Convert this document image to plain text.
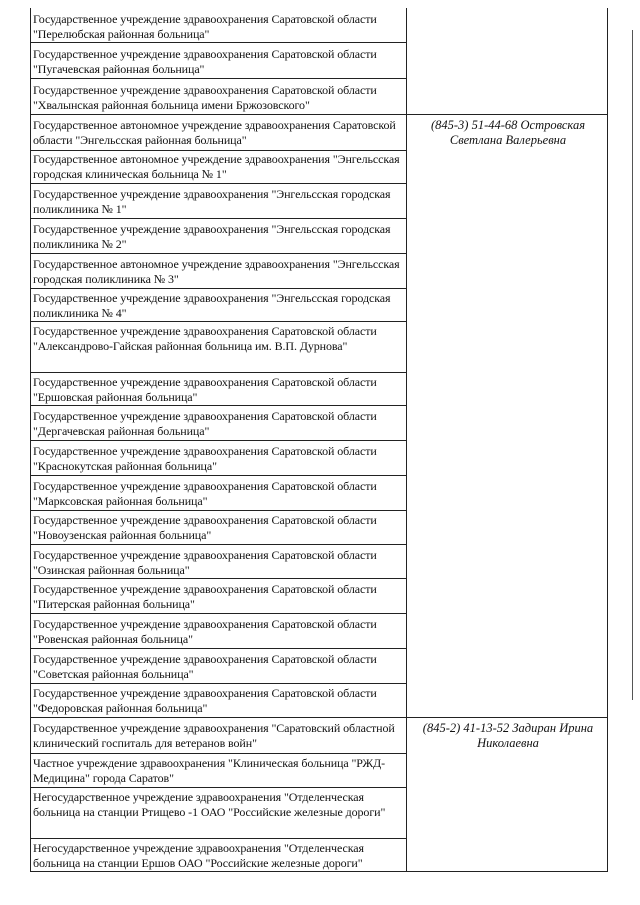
Государственное учреждение здравоохранения Саратовской области "Перелюбская районная больница"
Государственное учреждение здравоохранения Саратовской области "Пугачевская районная больница"
Государственное учреждение здравоохранения Саратовской области "Хвалынская районная больница имени Бржозовского"
Государственное автономное учреждение здравоохранения Саратовской области "Энгельсская районная больница"
Государственное автономное учреждение здравоохранения "Энгельсская городская клиническая больница № 1"
Государственное учреждение здравоохранения "Энгельсская городская поликлиника № 1"
Государственное учреждение здравоохранения "Энгельсская городская поликлиника № 2"
Государственное автономное учреждение здравоохранения "Энгельсская городская поликлиника № 3"
Государственное учреждение здравоохранения "Энгельсская городская поликлиника № 4"
Государственное учреждение здравоохранения Саратовской области "Александрово-Гайская районная больница им. В.П. Дурнова"
Государственное учреждение здравоохранения Саратовской области "Ершовская районная больница"
Государственное учреждение здравоохранения Саратовской области "Дергачевская районная больница"
Государственное учреждение здравоохранения Саратовской области "Краснокутская районная больница"
Государственное учреждение здравоохранения Саратовской области "Марксовская районная больница"
Государственное учреждение здравоохранения Саратовской области "Новоузенская районная больница"
Государственное учреждение здравоохранения Саратовской области "Озинская районная больница"
Государственное учреждение здравоохранения Саратовской области "Питерская районная больница"
Государственное учреждение здравоохранения Саратовской области "Ровенская районная больница"
Государственное учреждение здравоохранения Саратовской области "Советская районная больница"
Государственное учреждение здравоохранения Саратовской области "Федоровская районная больница"
Государственное учреждение здравоохранения "Саратовский областной клинический госпиталь для ветеранов войн"
Частное учреждение здравоохранения "Клиническая больница "РЖД-Медицина" города Саратов"
Негосударственное учреждение здравоохранения "Отделенческая больница на станции Ртищево -1 ОАО "Российские железные дороги"
Негосударственное учреждение здравоохранения "Отделенческая больница на станции Ершов ОАО "Российские железные дороги"
(845-3) 51-44-68 Островская Светлана Валерьевна
(845-2) 41-13-52 Задиран Ирина Николаевна
